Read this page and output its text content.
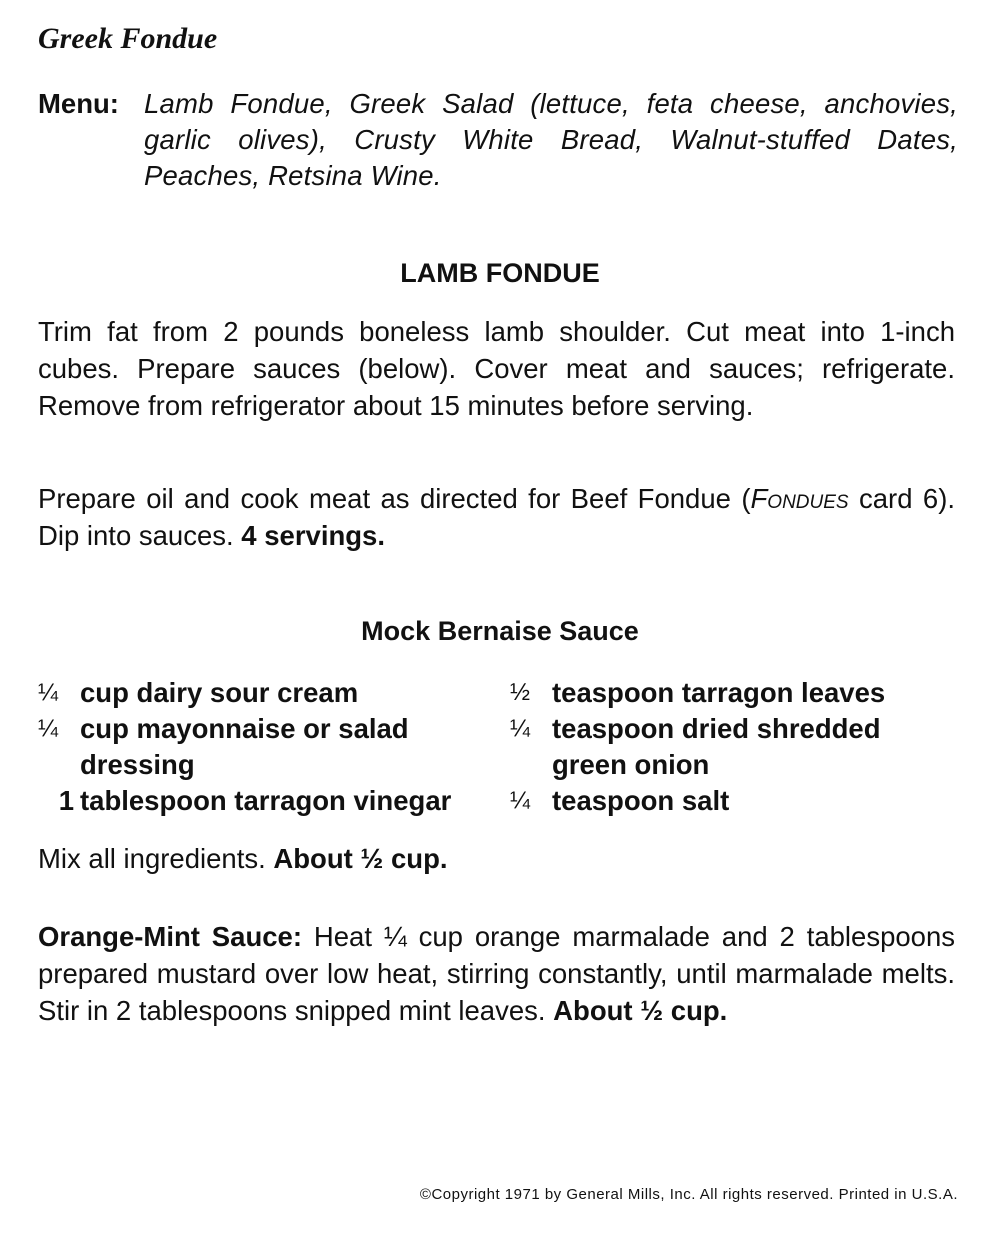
Greek Fondue
Menu: Lamb Fondue, Greek Salad (lettuce, feta cheese, anchovies, garlic olives), Crusty White Bread, Walnut-stuffed Dates, Peaches, Retsina Wine.
LAMB FONDUE

Trim fat from 2 pounds boneless lamb shoulder. Cut meat into 1-inch cubes. Prepare sauces (below). Cover meat and sauces; refrigerate. Remove from refrigerator about 15 minutes before serving.

Prepare oil and cook meat as directed for Beef Fondue (Fondues card 6). Dip into sauces. 4 servings.

Mock Bernaise Sauce
¼ cup dairy sour cream
¼ cup mayonnaise or salad dressing
1 tablespoon tarragon vinegar
½ teaspoon tarragon leaves
¼ teaspoon dried shredded green onion
¼ teaspoon salt

Mix all ingredients. About ½ cup.

Orange-Mint Sauce: Heat ¼ cup orange marmalade and 2 tablespoons prepared mustard over low heat, stirring constantly, until marmalade melts. Stir in 2 tablespoons snipped mint leaves. About ½ cup.

©Copyright 1971 by General Mills, Inc. All rights reserved. Printed in U.S.A.
